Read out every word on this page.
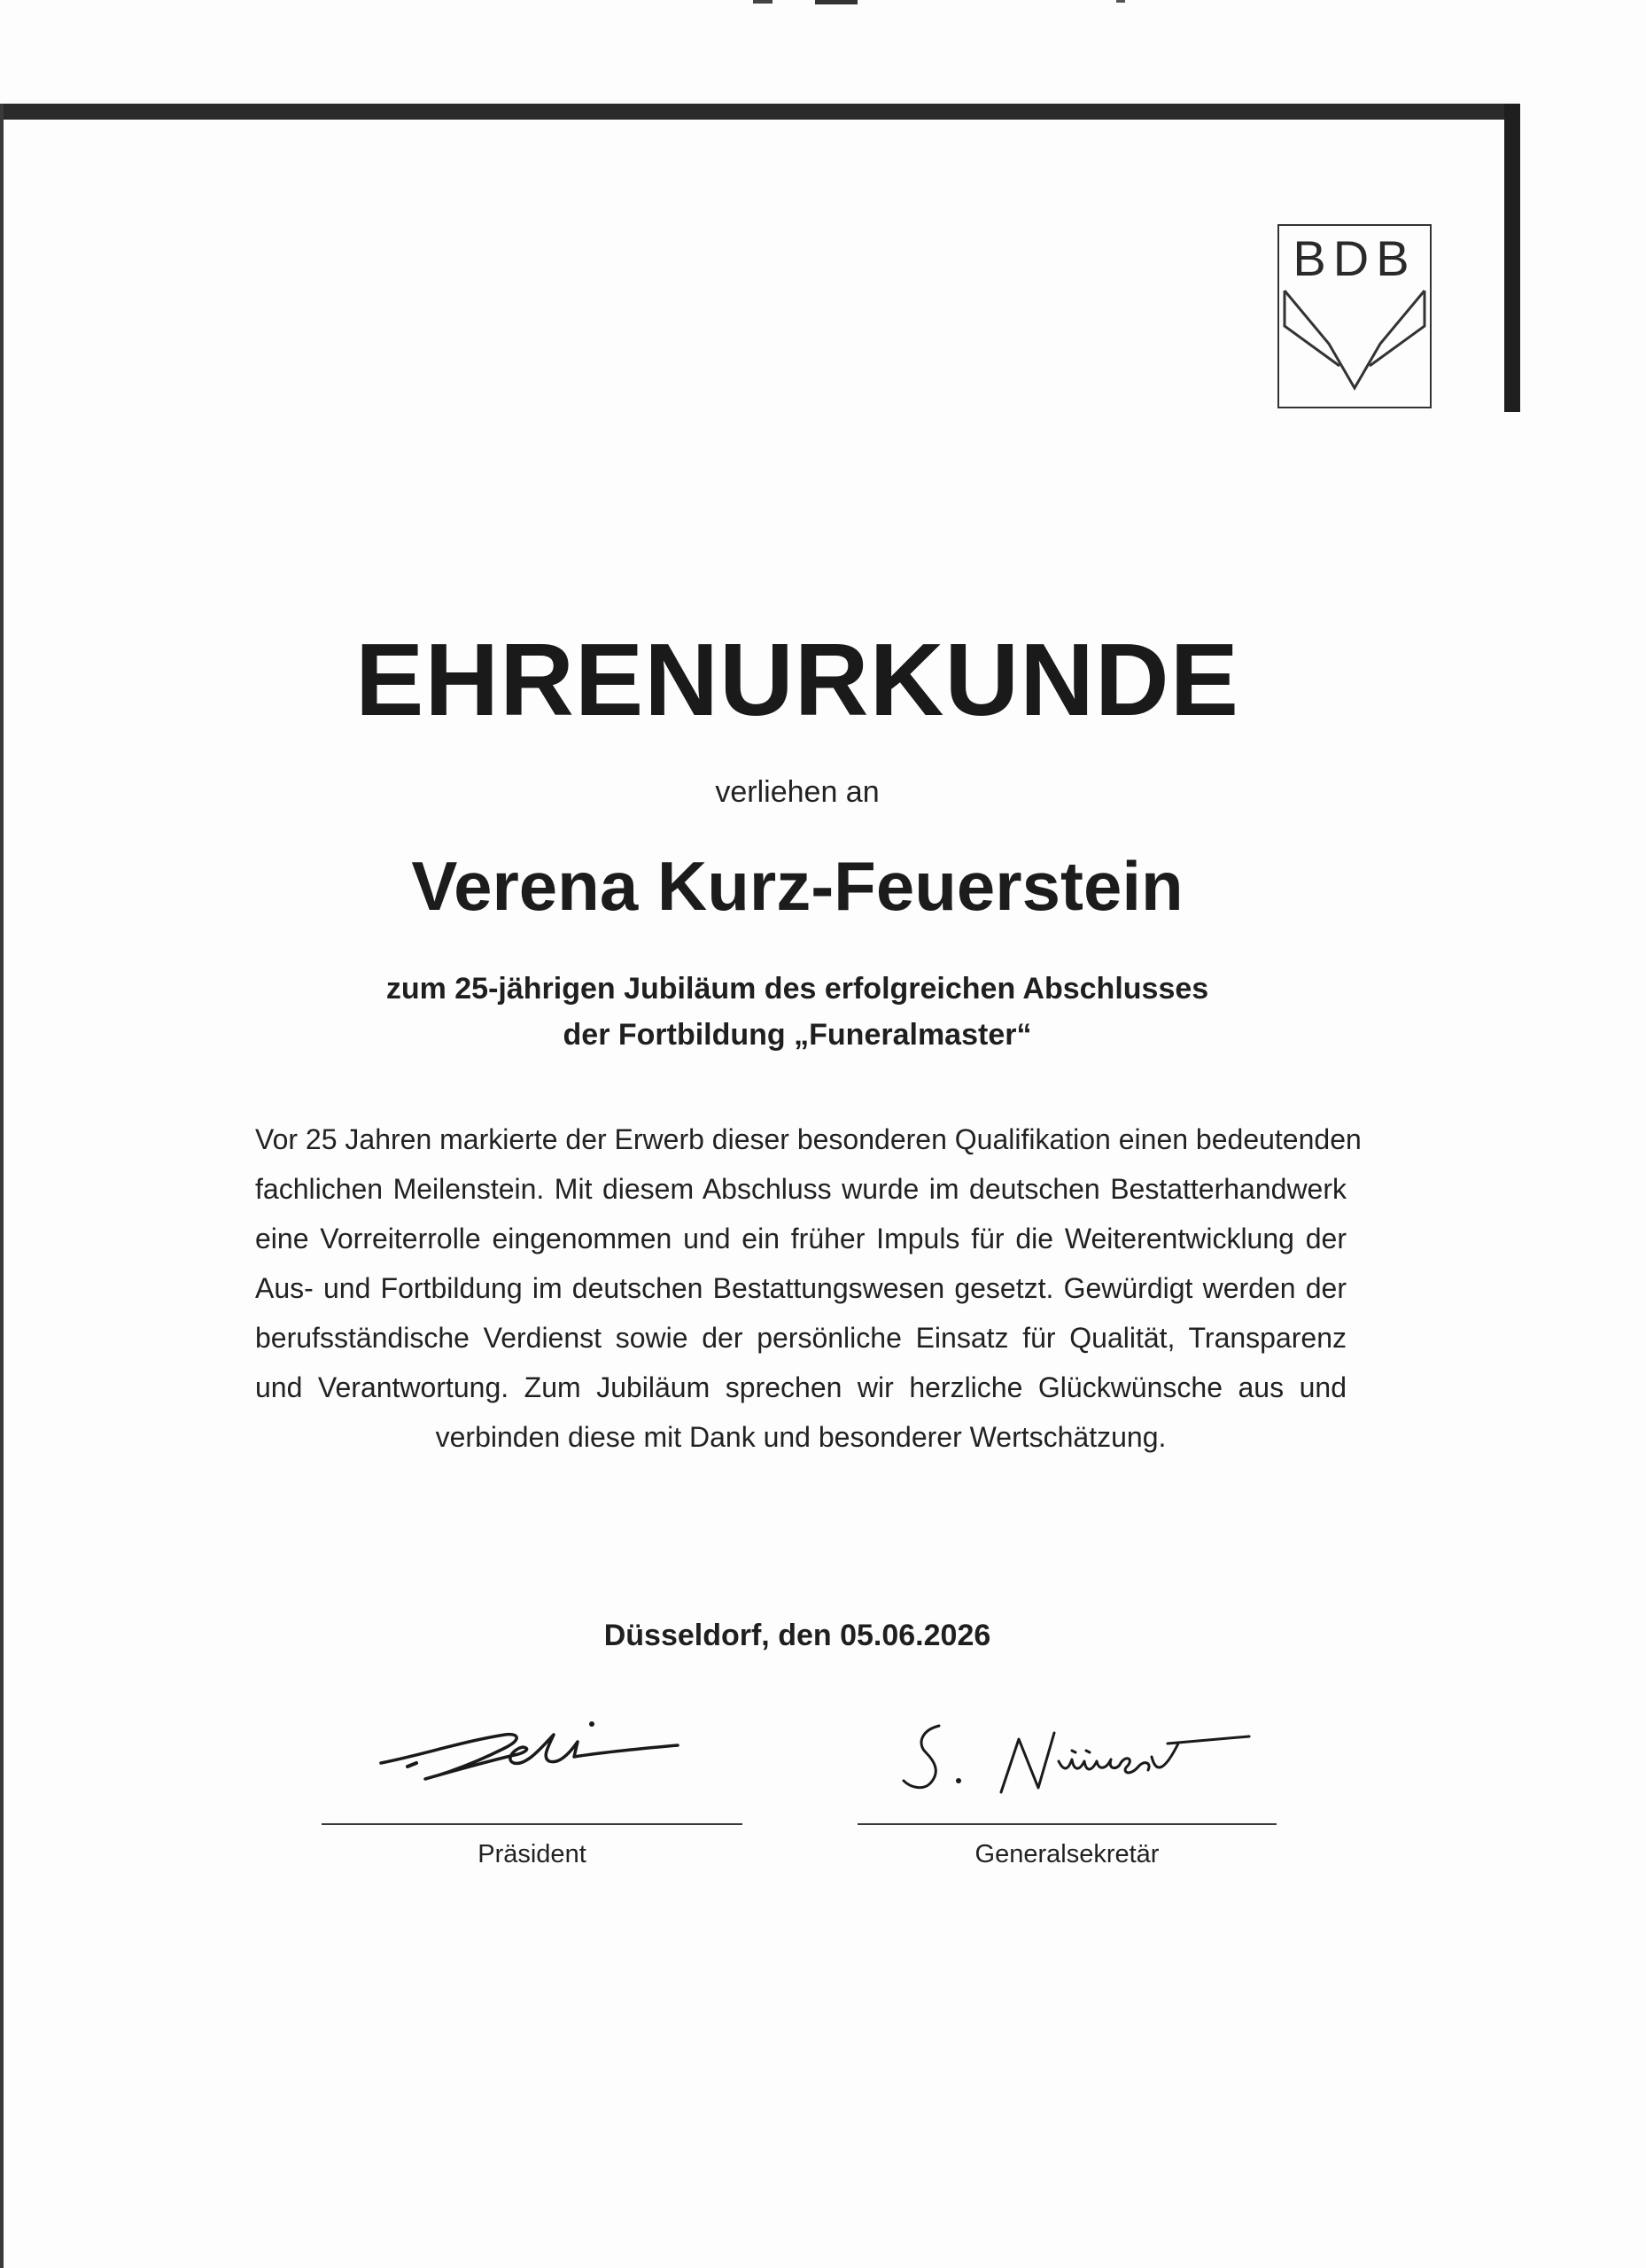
BDB
EHRENURKUNDE
verliehen an
Verena Kurz-Feuerstein
zum 25-jährigen Jubiläum des erfolgreichen Abschlusses
der Fortbildung „Funeralmaster“
Vor 25 Jahren markierte der Erwerb dieser besonderen Qualifikation einen bedeutenden
fachlichen Meilenstein. Mit diesem Abschluss wurde im deutschen Bestatterhandwerk
eine Vorreiterrolle eingenommen und ein früher Impuls für die Weiterentwicklung der
Aus- und Fortbildung im deutschen Bestattungswesen gesetzt. Gewürdigt werden der
berufsständische Verdienst sowie der persönliche Einsatz für Qualität, Transparenz
und Verantwortung. Zum Jubiläum sprechen wir herzliche Glückwünsche aus und
verbinden diese mit Dank und besonderer Wertschätzung.
Düsseldorf, den 05.06.2026
Präsident	Generalsekretär
